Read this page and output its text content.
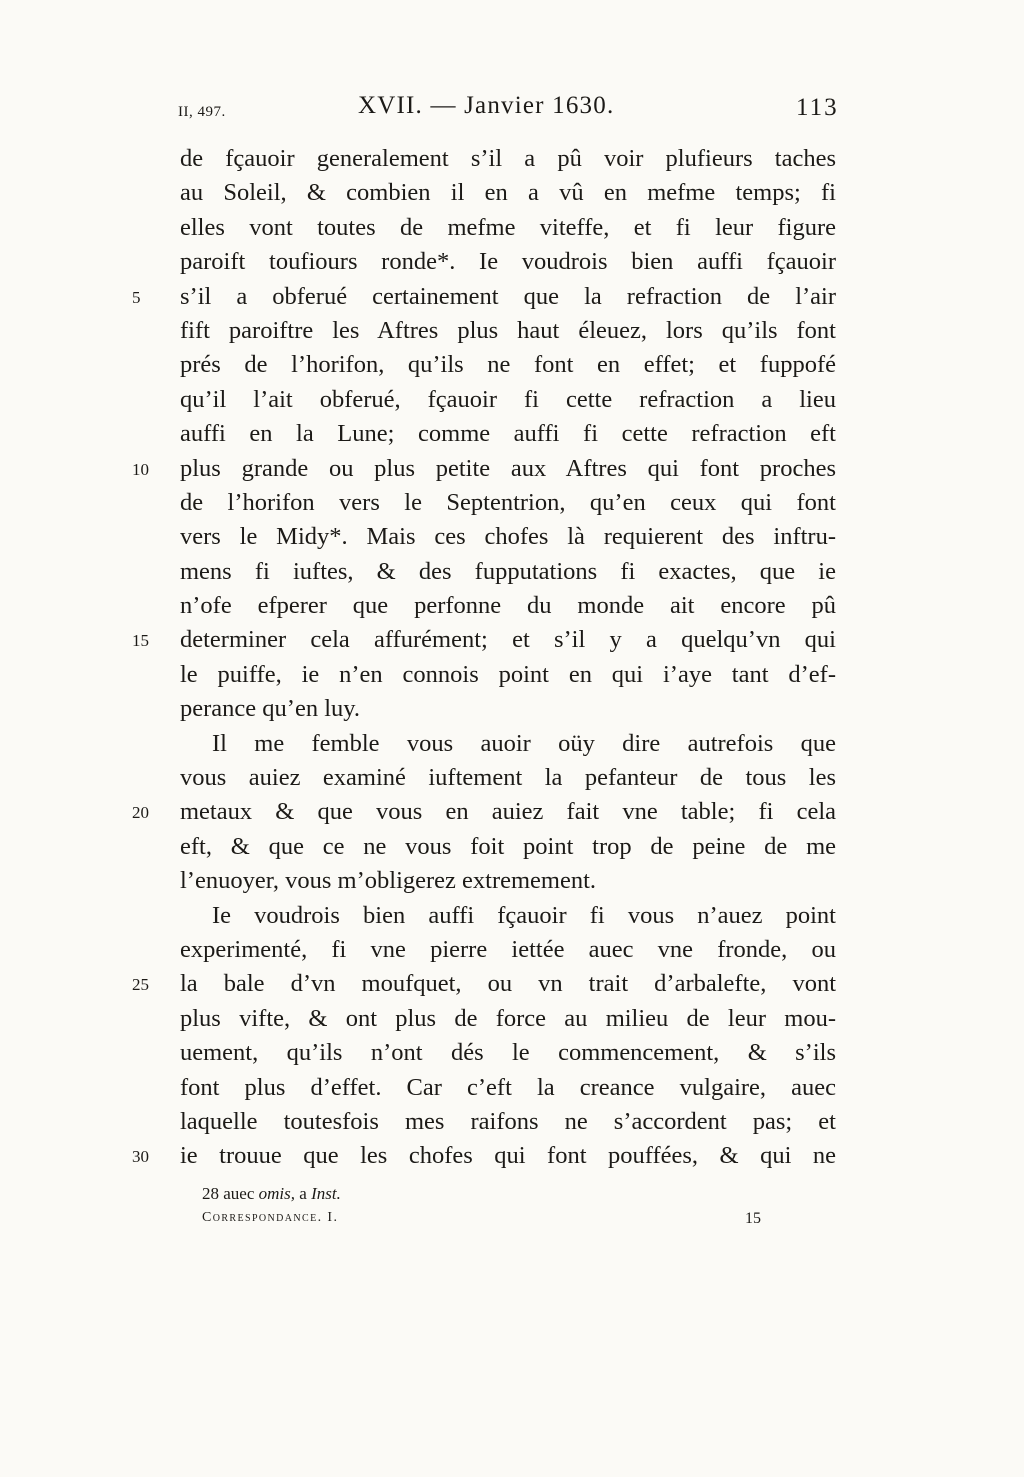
II, 497.	XVII. — Janvier 1630.	113
de fçauoir generalement s’il a pû voir plufieurs taches
au Soleil, & combien il en a vû en mefme temps; fi
elles vont toutes de mefme viteffe, et fi leur figure
paroift toufiours ronde*. Ie voudrois bien auffi fçauoir
5	s’il a obferué certainement que la refraction de l’air
fift paroiftre les Aftres plus haut éleuez, lors qu’ils font
prés de l’horifon, qu’ils ne font en effet; et fuppofé
qu’il l’ait obferué, fçauoir fi cette refraction a lieu
auffi en la Lune; comme auffi fi cette refraction eft
10 plus grande ou plus petite aux Aftres qui font proches
de l’horifon vers le Septentrion, qu’en ceux qui font
vers le Midy*. Mais ces chofes là requierent des inftru-
mens fi iuftes, & des fupputations fi exactes, que ie
n’ofe efperer que perfonne du monde ait encore pû
15 determiner cela affurément; et s’il y a quelqu’vn qui
le puiffe, ie n’en connois point en qui i’aye tant d’ef-
perance qu’en luy.
Il me femble vous auoir oüy dire autrefois que
vous auiez examiné iuftement la pefanteur de tous les
20 metaux & que vous en auiez fait vne table; fi cela
eft, & que ce ne vous foit point trop de peine de me
l’enuoyer, vous m’obligerez extremement.
Ie voudrois bien auffi fçauoir fi vous n’auez point
experimenté, fi vne pierre iettée auec vne fronde, ou
25 la bale d’vn moufquet, ou vn trait d’arbalefte, vont
plus vifte, & ont plus de force au milieu de leur mou-
uement, qu’ils n’ont dés le commencement, & s’ils
font plus d’effet. Car c’eft la creance vulgaire, auec
laquelle toutesfois mes raifons ne s’accordent pas; et
30 ie trouue que les chofes qui font pouffées, & qui ne
28 auec omis, a Inst.
Correspondance. I.	15
